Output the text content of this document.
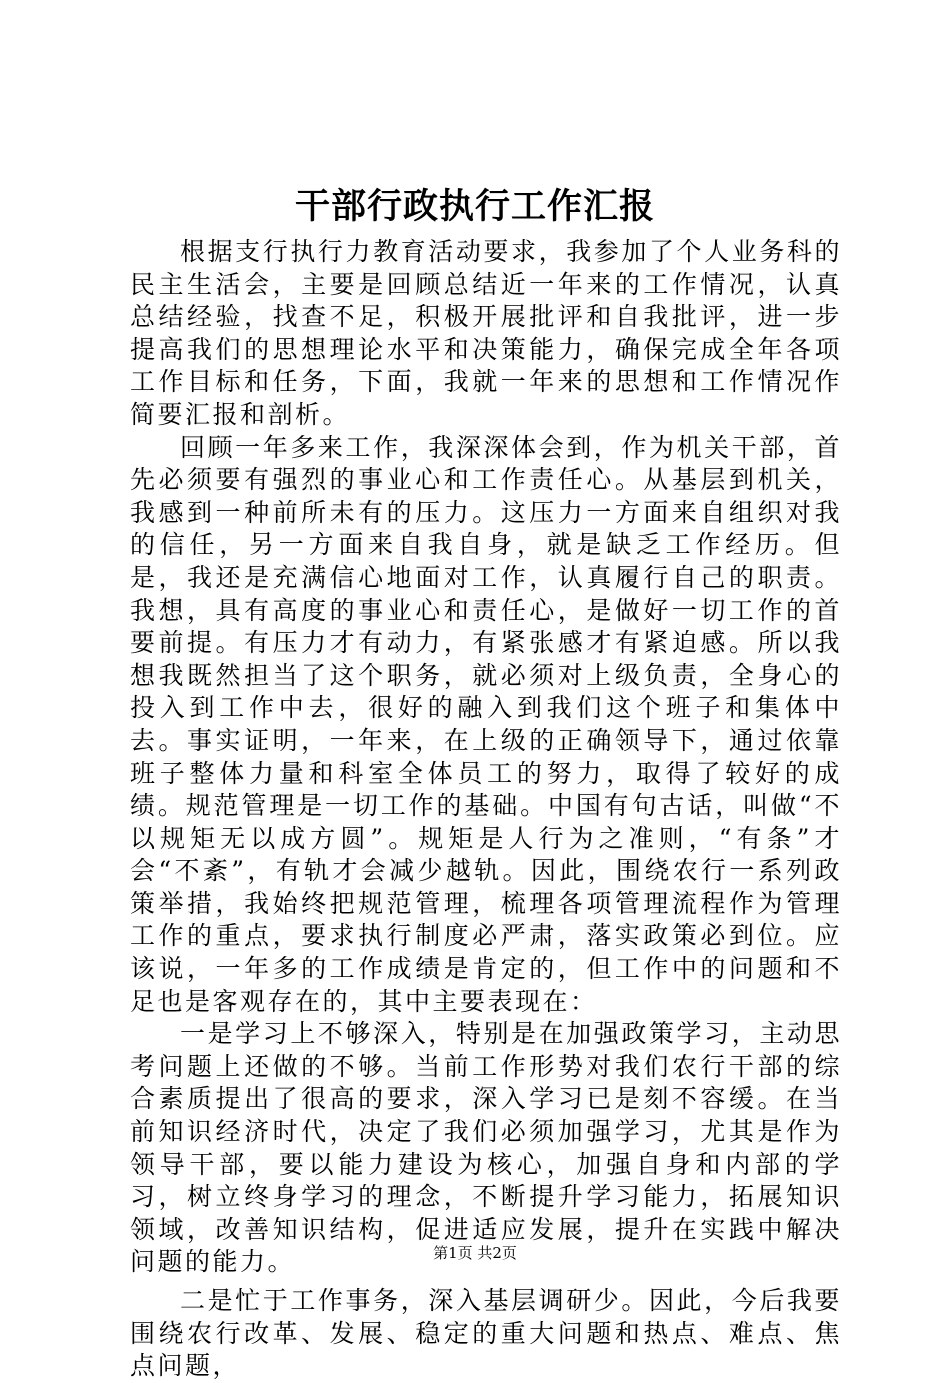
干部行政执行工作汇报

根据支行执行力教育活动要求，我参加了个人业务科的民主生活会，主要是回顾总结近一年来的工作情况，认真总结经验，找查不足，积极开展批评和自我批评，进一步提高我们的思想理论水平和决策能力，确保完成全年各项工作目标和任务，下面，我就一年来的思想和工作情况作简要汇报和剖析。

回顾一年多来工作，我深深体会到，作为机关干部，首先必须要有强烈的事业心和工作责任心。从基层到机关，我感到一种前所未有的压力。这压力一方面来自组织对我的信任，另一方面来自我自身，就是缺乏工作经历。但是，我还是充满信心地面对工作，认真履行自己的职责。我想，具有高度的事业心和责任心，是做好一切工作的首要前提。有压力才有动力，有紧张感才有紧迫感。所以我想我既然担当了这个职务，就必须对上级负责，全身心的投入到工作中去，很好的融入到我们这个班子和集体中去。事实证明，一年来，在上级的正确领导下，通过依靠班子整体力量和科室全体员工的努力，取得了较好的成绩。规范管理是一切工作的基础。中国有句古话，叫做“不以规矩无以成方圆”。规矩是人行为之准则，“有条”才会“不紊”，有轨才会减少越轨。因此，围绕农行一系列政策举措，我始终把规范管理，梳理各项管理流程作为管理工作的重点，要求执行制度必严肃，落实政策必到位。应该说，一年多的工作成绩是肯定的，但工作中的问题和不足也是客观存在的，其中主要表现在：

一是学习上不够深入，特别是在加强政策学习，主动思考问题上还做的不够。当前工作形势对我们农行干部的综合素质提出了很高的要求，深入学习已是刻不容缓。在当前知识经济时代，决定了我们必须加强学习，尤其是作为领导干部，要以能力建设为核心，加强自身和内部的学习，树立终身学习的理念，不断提升学习能力，拓展知识领域，改善知识结构，促进适应发展，提升在实践中解决问题的能力。

二是忙于工作事务，深入基层调研少。因此，今后我要围绕农行改革、发展、稳定的重大问题和热点、难点、焦点问题，

第1页 共2页
